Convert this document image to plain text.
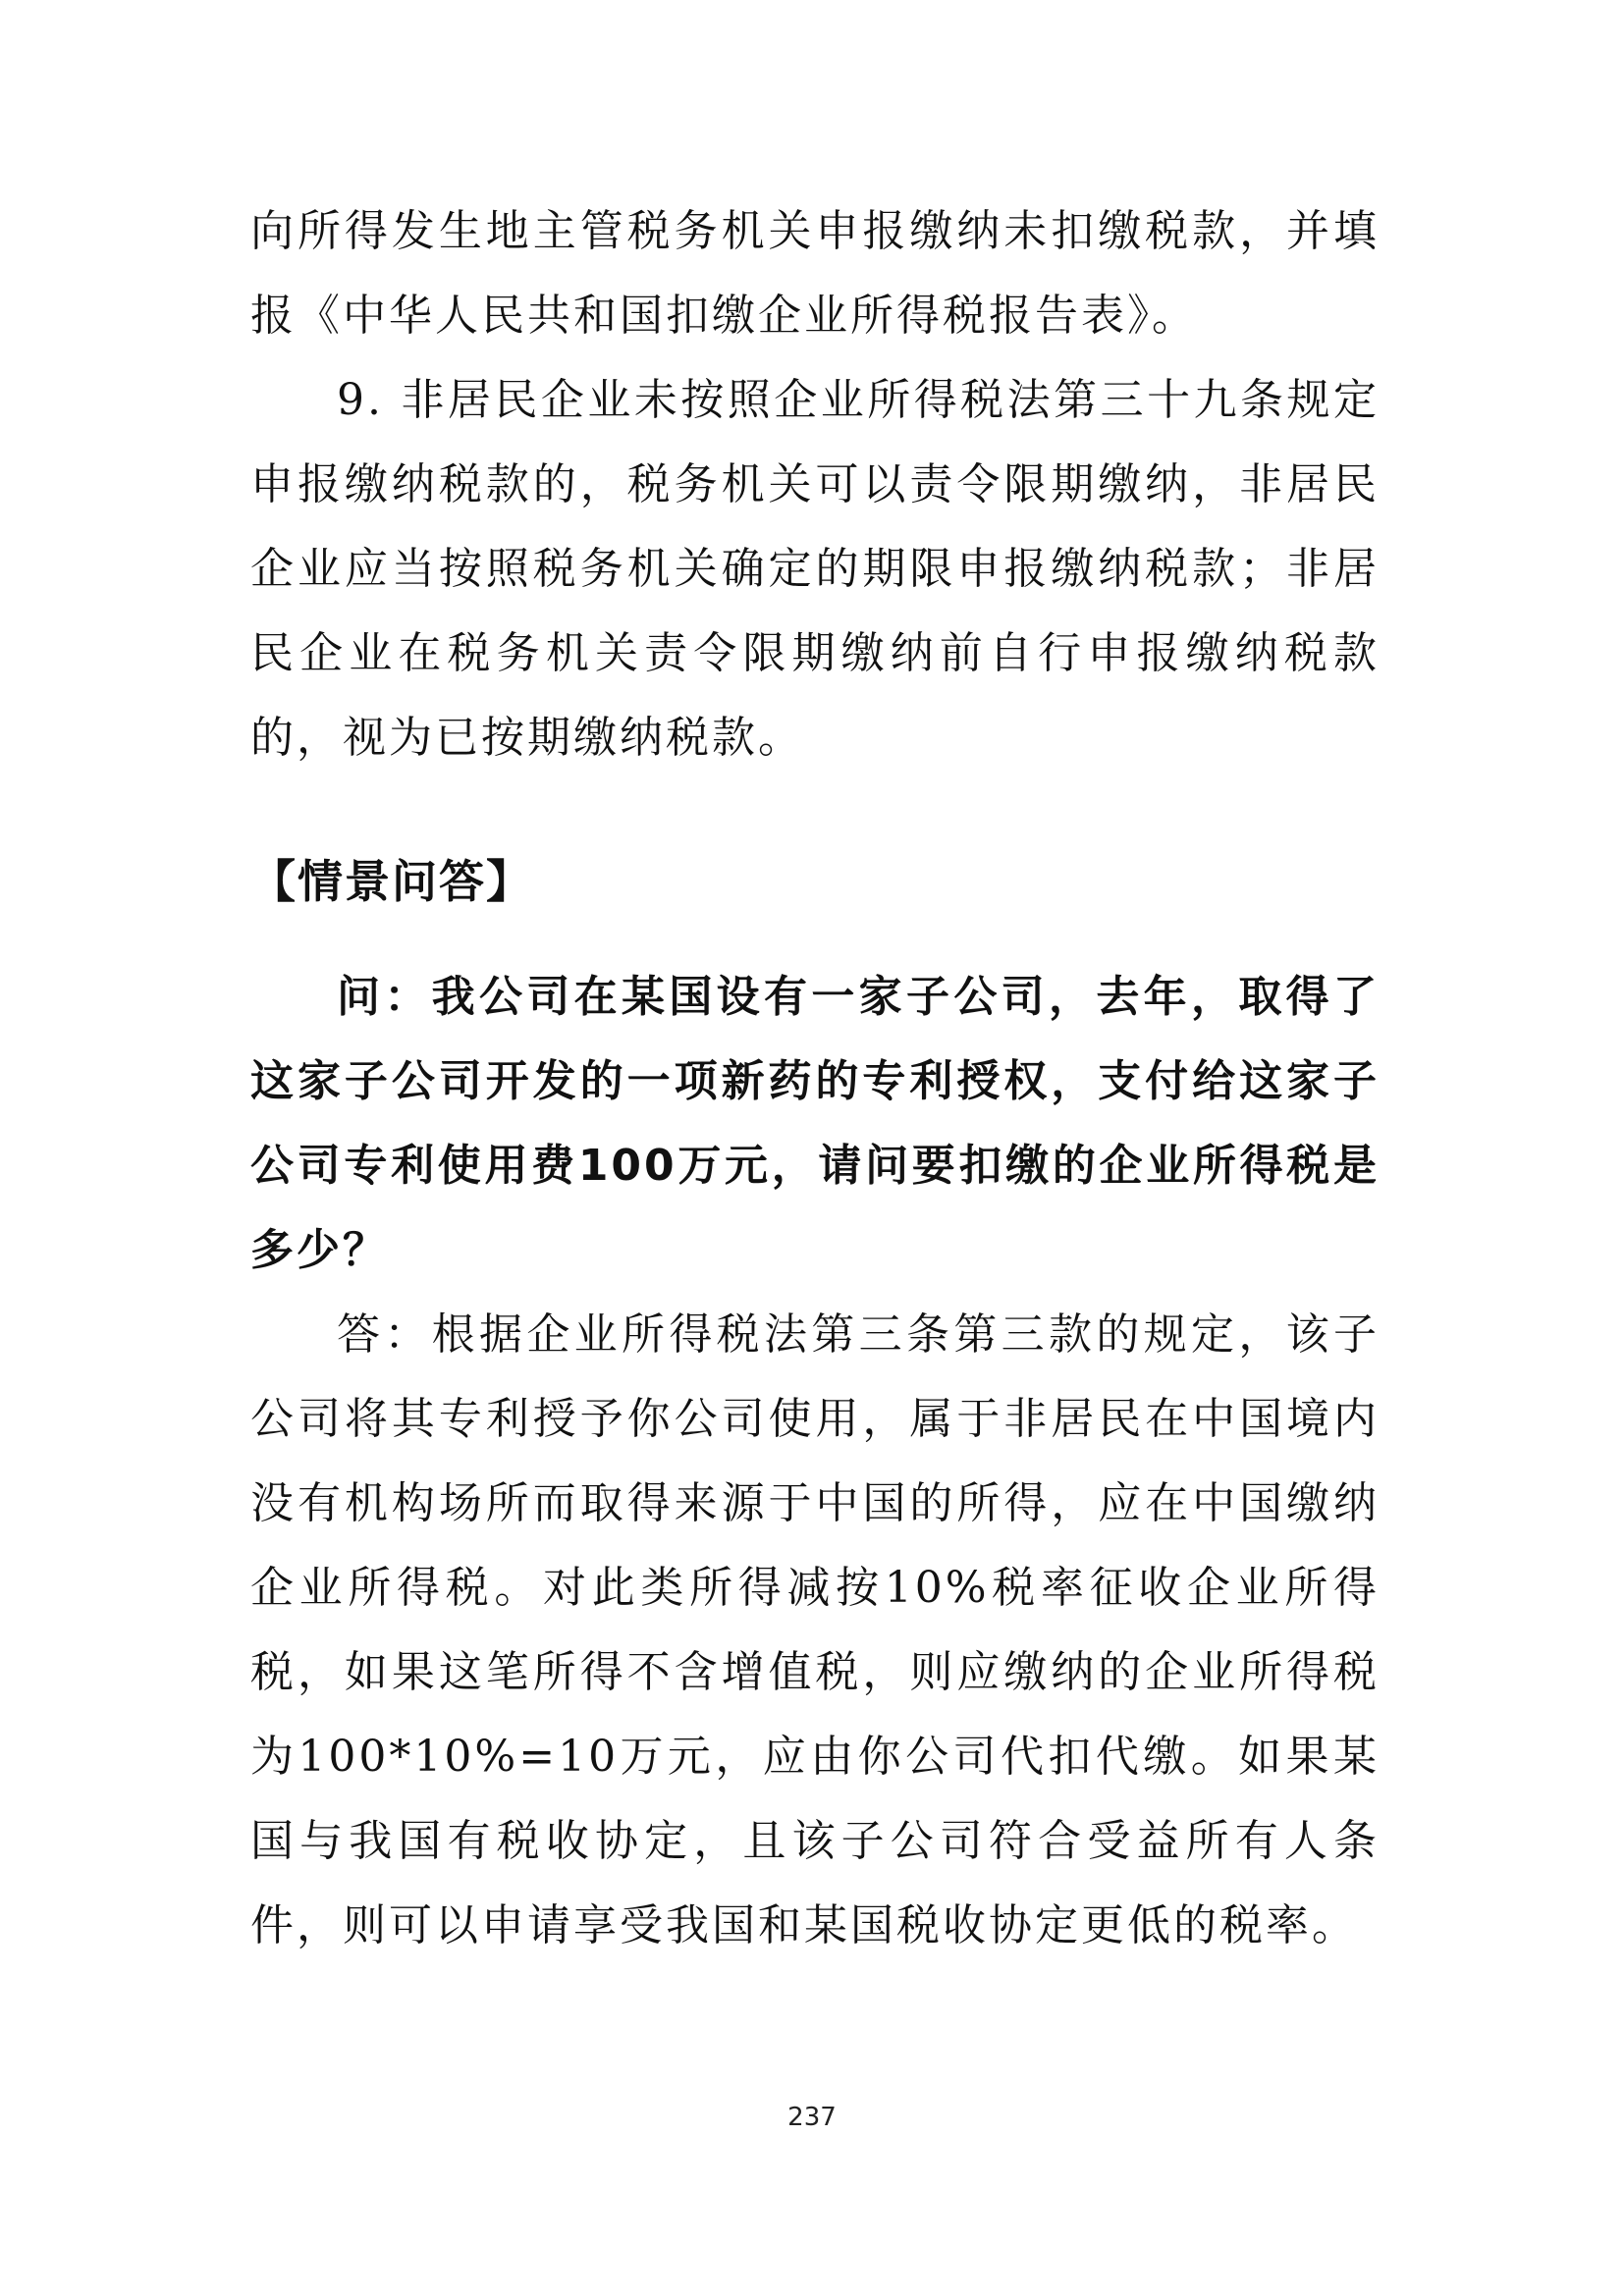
向所得发生地主管税务机关申报缴纳未扣缴税款，并填报《中华人民共和国扣缴企业所得税报告表》。

9. 非居民企业未按照企业所得税法第三十九条规定申报缴纳税款的，税务机关可以责令限期缴纳，非居民企业应当按照税务机关确定的期限申报缴纳税款；非居民企业在税务机关责令限期缴纳前自行申报缴纳税款的，视为已按期缴纳税款。

【情景问答】

问：我公司在某国设有一家子公司，去年，取得了这家子公司开发的一项新药的专利授权，支付给这家子公司专利使用费100万元，请问要扣缴的企业所得税是多少？

答：根据企业所得税法第三条第三款的规定，该子公司将其专利授予你公司使用，属于非居民在中国境内没有机构场所而取得来源于中国的所得，应在中国缴纳企业所得税。对此类所得减按10%税率征收企业所得税，如果这笔所得不含增值税，则应缴纳的企业所得税为100*10%=10万元，应由你公司代扣代缴。如果某国与我国有税收协定，且该子公司符合受益所有人条件，则可以申请享受我国和某国税收协定更低的税率。

237
